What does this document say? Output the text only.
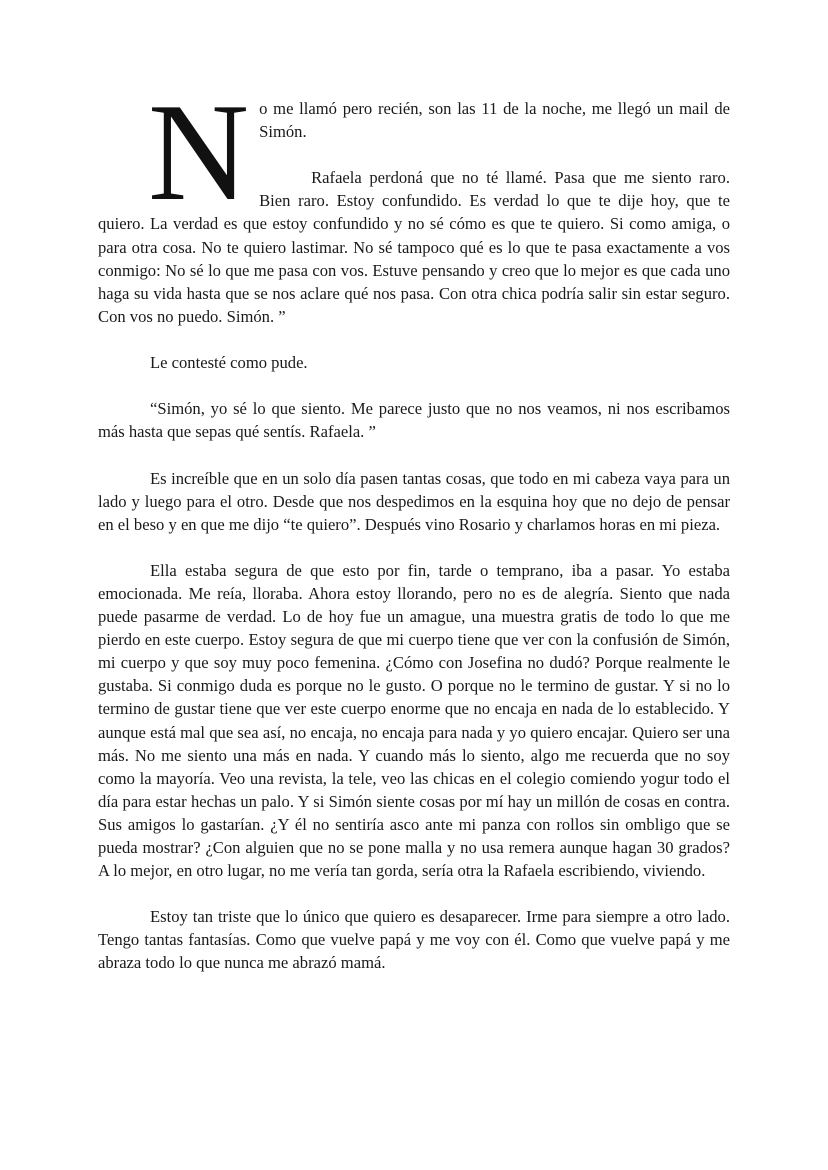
N o me llamó pero recién, son las 11 de la noche, me llegó un mail de Simón.

Rafaela perdoná que no té llamé. Pasa que me siento raro. Bien raro. Estoy confundido. Es verdad lo que te dije hoy, que te quiero. La verdad es que estoy confundido y no sé cómo es que te quiero. Si como amiga, o para otra cosa. No te quiero lastimar. No sé tampoco qué es lo que te pasa exactamente a vos conmigo: No sé lo que me pasa con vos. Estuve pensando y creo que lo mejor es que cada uno haga su vida hasta que se nos aclare qué nos pasa. Con otra chica podría salir sin estar seguro. Con vos no puedo. Simón. ”

Le contesté como pude.

“Simón, yo sé lo que siento. Me parece justo que no nos veamos, ni nos escribamos más hasta que sepas qué sentís. Rafaela. ”

Es increíble que en un solo día pasen tantas cosas, que todo en mi cabeza vaya para un lado y luego para el otro. Desde que nos despedimos en la esquina hoy que no dejo de pensar en el beso y en que me dijo “te quiero”. Después vino Rosario y charlamos horas en mi pieza.

Ella estaba segura de que esto por fin, tarde o temprano, iba a pasar. Yo estaba emocionada. Me reía, lloraba. Ahora estoy llorando, pero no es de alegría. Siento que nada puede pasarme de verdad. Lo de hoy fue un amague, una muestra gratis de todo lo que me pierdo en este cuerpo. Estoy segura de que mi cuerpo tiene que ver con la confusión de Simón, mi cuerpo y que soy muy poco femenina. ¿Cómo con Josefina no dudó? Porque realmente le gustaba. Si conmigo duda es porque no le gusto. O porque no le termino de gustar. Y si no lo termino de gustar tiene que ver este cuerpo enorme que no encaja en nada de lo establecido. Y aunque está mal que sea así, no encaja, no encaja para nada y yo quiero encajar. Quiero ser una más. No me siento una más en nada. Y cuando más lo siento, algo me recuerda que no soy como la mayoría. Veo una revista, la tele, veo las chicas en el colegio comiendo yogur todo el día para estar hechas un palo. Y si Simón siente cosas por mí hay un millón de cosas en contra. Sus amigos lo gastarían. ¿Y él no sentiría asco ante mi panza con rollos sin ombligo que se pueda mostrar? ¿Con alguien que no se pone malla y no usa remera aunque hagan 30 grados? A lo mejor, en otro lugar, no me vería tan gorda, sería otra la Rafaela escribiendo, viviendo.

Estoy tan triste que lo único que quiero es desaparecer. Irme para siempre a otro lado. Tengo tantas fantasías. Como que vuelve papá y me voy con él. Como que vuelve papá y me abraza todo lo que nunca me abrazó mamá.
